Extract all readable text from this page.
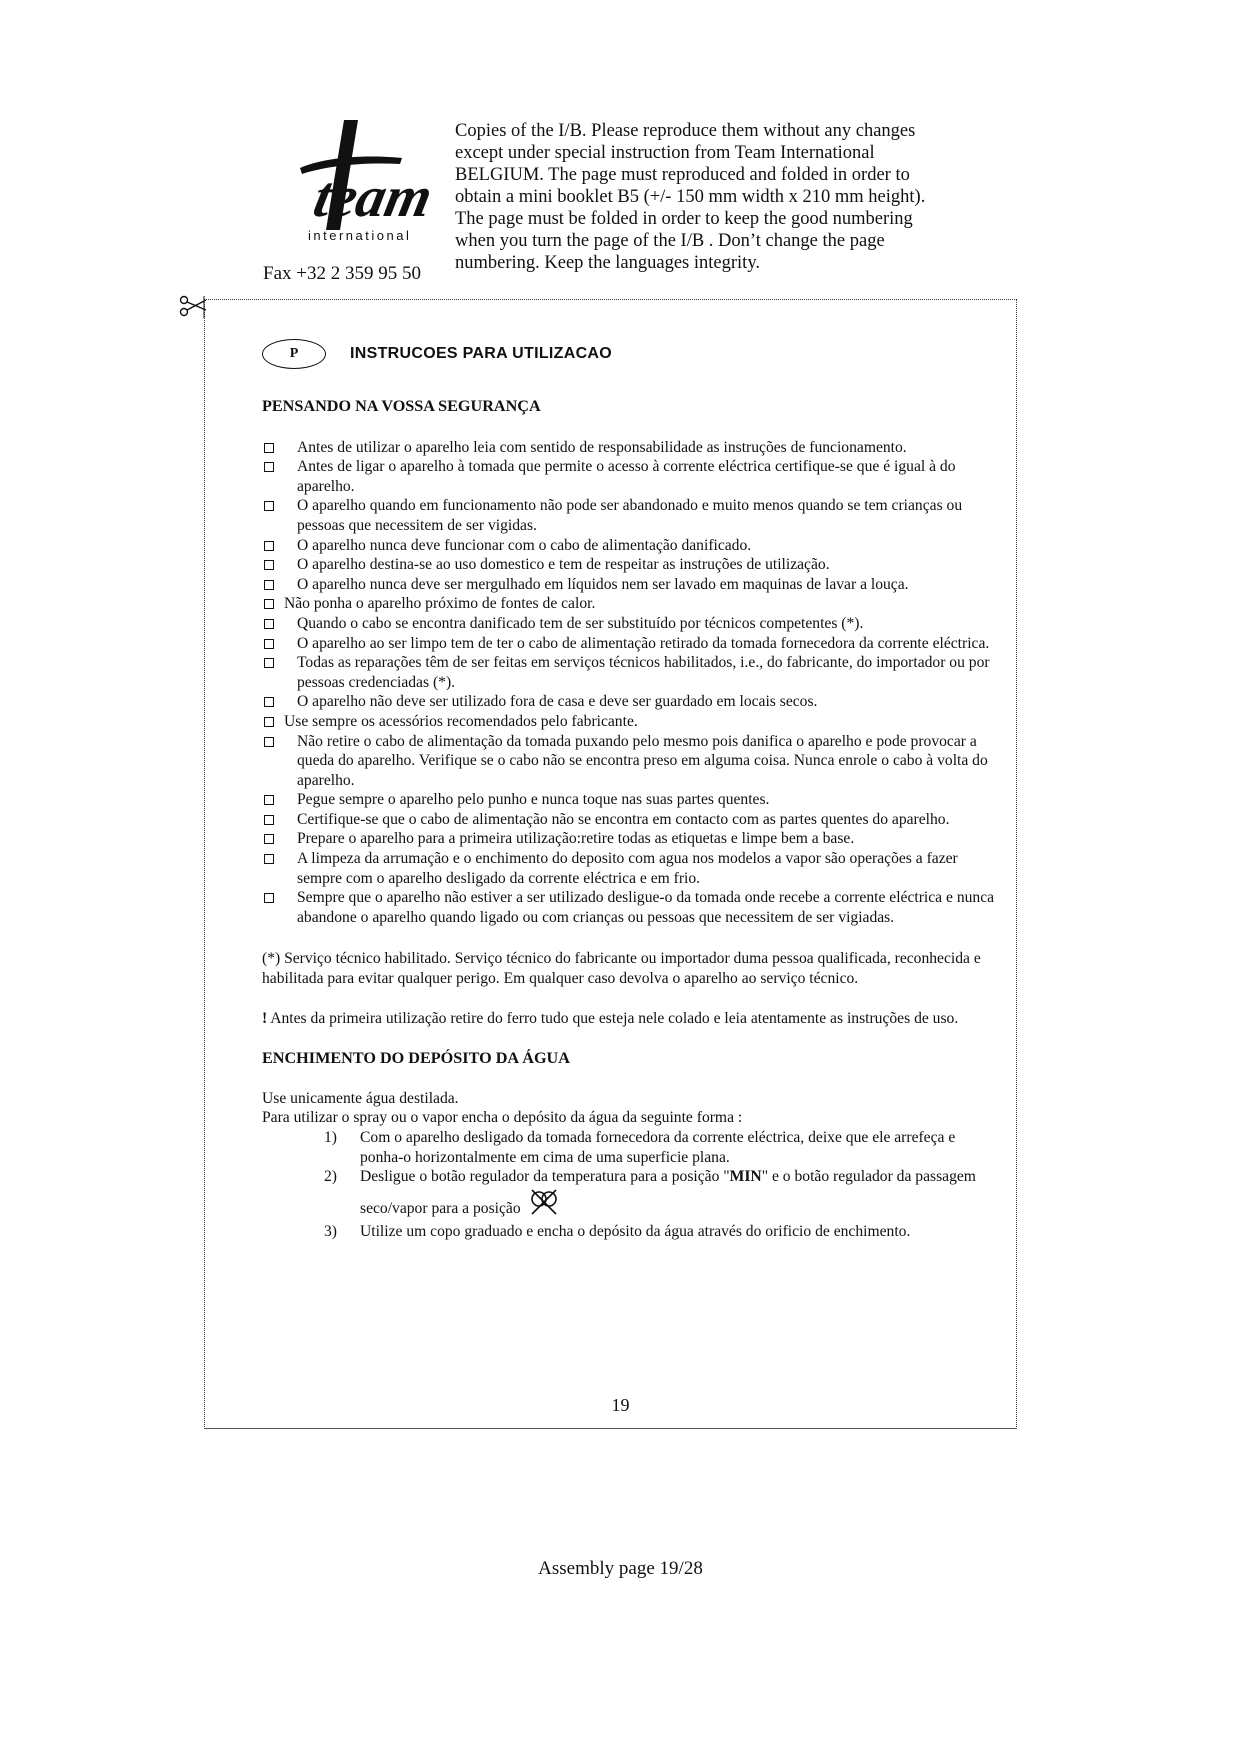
team
international
Fax +32 2 359 95 50
Copies of the I/B. Please reproduce them without any changes
except under special instruction from Team International
BELGIUM. The page must reproduced and folded in order to
obtain a mini booklet B5 (+/- 150 mm width x 210 mm height).
The page must be folded in order to keep the good numbering
when you turn the page of the I/B . Don’t change the page
numbering. Keep the languages integrity.
P	INSTRUCOES PARA UTILIZACAO
PENSANDO NA VOSSA SEGURANÇA
Antes de utilizar o aparelho leia com sentido de responsabilidade as instruções de funcionamento.
Antes de ligar o aparelho à tomada que permite o acesso à corrente eléctrica certifique-se que é igual à do aparelho.
O aparelho quando em funcionamento não pode ser abandonado e muito menos quando se tem crianças ou pessoas que necessitem de ser vigidas.
O aparelho nunca deve funcionar com o cabo de alimentação danificado.
O aparelho destina-se ao uso domestico e tem de respeitar as instruções de utilização.
O aparelho nunca deve ser mergulhado em líquidos nem ser lavado em maquinas de lavar a louça.
Não ponha o aparelho próximo de fontes de calor.
Quando o cabo se encontra danificado tem de ser substituído por técnicos competentes (*).
O aparelho ao ser limpo tem de ter o cabo de alimentação retirado da tomada fornecedora da corrente eléctrica.
Todas as reparações têm de ser feitas em serviços técnicos habilitados, i.e., do fabricante, do importador ou por pessoas credenciadas (*).
O aparelho não deve ser utilizado fora de casa e deve ser guardado em locais secos.
Use sempre os acessórios recomendados pelo fabricante.
Não retire o cabo de alimentação da tomada puxando pelo mesmo pois danifica o aparelho e pode provocar a queda do aparelho. Verifique se o cabo não se encontra preso em alguma coisa. Nunca enrole o cabo à volta do aparelho.
Pegue sempre o aparelho pelo punho e nunca toque nas suas partes quentes.
Certifique-se que o cabo de alimentação não se encontra em contacto com as partes quentes do aparelho.
Prepare o aparelho para a primeira utilização:retire todas as etiquetas e limpe bem a base.
A limpeza da arrumação e o enchimento do deposito com agua nos modelos a vapor são operações a fazer sempre com o aparelho desligado da corrente eléctrica e em frio.
Sempre que o aparelho não estiver a ser utilizado desligue-o da tomada onde recebe a corrente eléctrica e nunca abandone o aparelho quando ligado ou com crianças ou pessoas que necessitem de ser vigiadas.

(*) Serviço técnico habilitado. Serviço técnico do fabricante ou importador duma pessoa qualificada, reconhecida e habilitada para evitar qualquer perigo. Em qualquer caso devolva o aparelho ao serviço técnico.

! Antes da primeira utilização retire do ferro tudo que esteja nele colado e leia atentamente as instruções de uso.

ENCHIMENTO DO DEPÓSITO DA ÁGUA
Use unicamente água destilada.
Para utilizar o spray ou o vapor encha o depósito da água da seguinte forma :
1) Com o aparelho desligado da tomada fornecedora da corrente eléctrica, deixe que ele arrefeça e ponha-o horizontalmente em cima de uma superficie plana.
2) Desligue o botão regulador da temperatura para a posição "MIN" e o botão regulador da passagem seco/vapor para a posição
3) Utilize um copo graduado e encha o depósito da água através do orificio de enchimento.
19
Assembly page 19/28
